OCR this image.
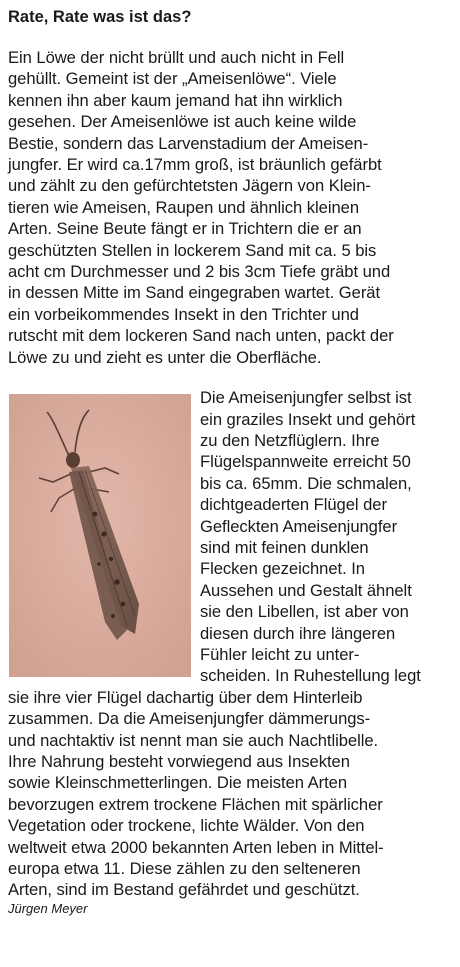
Rate, Rate was ist das?

Ein Löwe der nicht brüllt und auch nicht in Fell
gehüllt. Gemeint ist der „Ameisenlöwe“. Viele
kennen ihn aber kaum jemand hat ihn wirklich
gesehen. Der Ameisenlöwe ist auch keine wilde
Bestie, sondern das Larvenstadium der Ameisen-
jungfer. Er wird ca.17mm groß, ist bräunlich gefärbt
und zählt zu den gefürchtetsten Jägern von Klein-
tieren wie Ameisen, Raupen und ähnlich kleinen
Arten. Seine Beute fängt er in Trichtern die er an
geschützten Stellen in lockerem Sand mit ca. 5 bis
acht cm Durchmesser und 2 bis 3cm Tiefe gräbt und
in dessen Mitte im Sand eingegraben wartet. Gerät
ein vorbeikommendes Insekt in den Trichter und
rutscht mit dem lockeren Sand nach unten, packt der
Löwe zu und zieht es unter die Oberfläche.

Die Ameisenjungfer selbst ist
ein graziles Insekt und gehört
zu den Netzflüglern. Ihre
Flügelspannweite erreicht 50
bis ca. 65mm. Die schmalen,
dichtgeaderten Flügel der
Gefleckten Ameisenjungfer
sind mit feinen dunklen
Flecken gezeichnet. In
Aussehen und Gestalt ähnelt
sie den Libellen, ist aber von
diesen durch ihre längeren
Fühler leicht zu unter-
scheiden. In Ruhestellung legt
sie ihre vier Flügel dachartig über dem Hinterleib
zusammen. Da die Ameisenjungfer dämmerungs-
und nachtaktiv ist nennt man sie auch Nachtlibelle.
Ihre Nahrung besteht vorwiegend aus Insekten
sowie Kleinschmetterlingen. Die meisten Arten
bevorzugen extrem trockene Flächen mit spärlicher
Vegetation oder trockene, lichte Wälder. Von den
weltweit etwa 2000 bekannten Arten leben in Mittel-
europa etwa 11. Diese zählen zu den selteneren
Arten, sind im Bestand gefährdet und geschützt.
Jürgen Meyer
